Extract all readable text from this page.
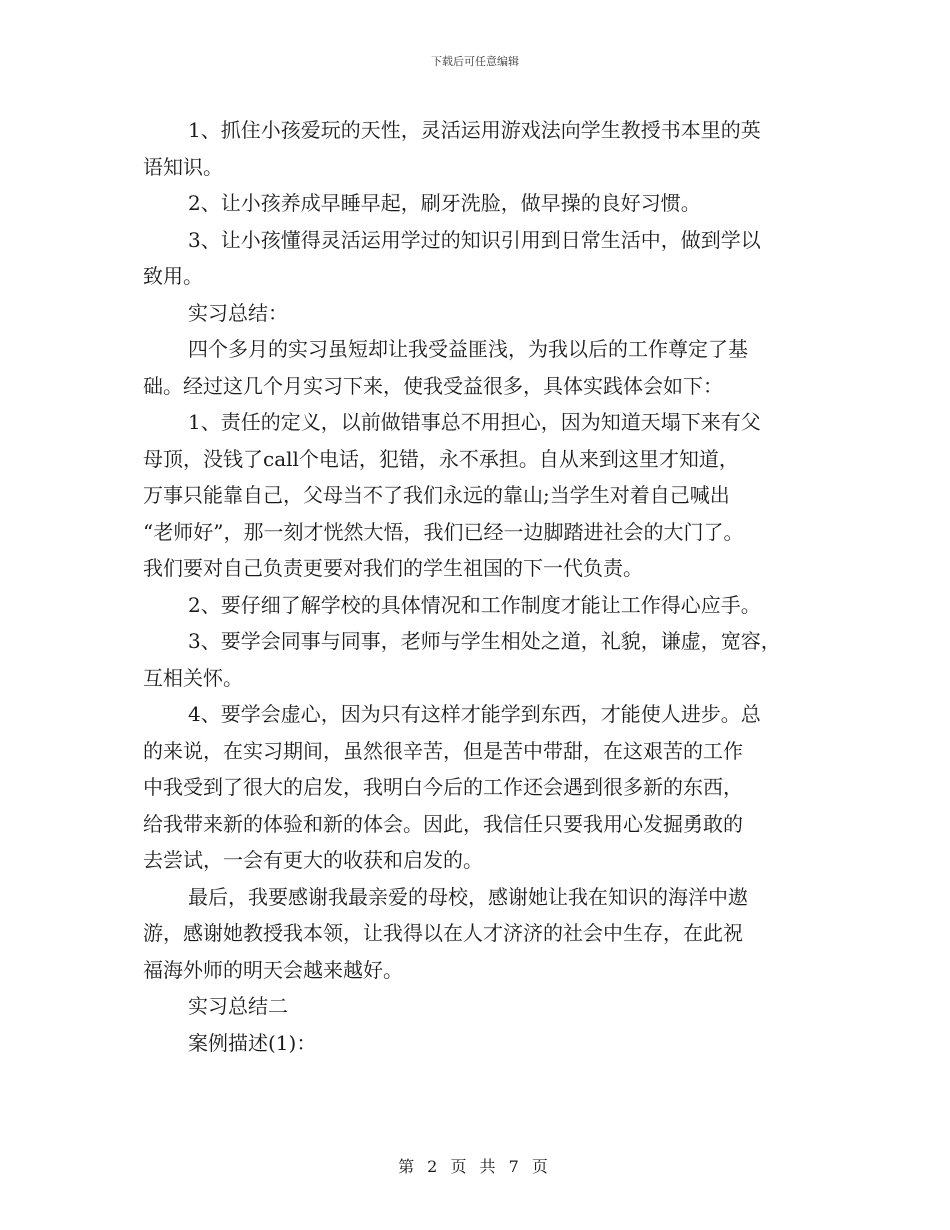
下载后可任意编辑
1、抓住小孩爱玩的天性，灵活运用游戏法向学生教授书本里的英
语知识。
2、让小孩养成早睡早起，刷牙洗脸，做早操的良好习惯。
3、让小孩懂得灵活运用学过的知识引用到日常生活中，做到学以
致用。
实习总结：
四个多月的实习虽短却让我受益匪浅，为我以后的工作尊定了基
础。经过这几个月实习下来，使我受益很多，具体实践体会如下：
1、责任的定义，以前做错事总不用担心，因为知道天塌下来有父
母顶，没钱了call个电话，犯错，永不承担。自从来到这里才知道，
万事只能靠自己，父母当不了我们永远的靠山;当学生对着自己喊出
“老师好”，那一刻才恍然大悟，我们已经一边脚踏进社会的大门了。
我们要对自己负责更要对我们的学生祖国的下一代负责。
2、要仔细了解学校的具体情况和工作制度才能让工作得心应手。
3、要学会同事与同事，老师与学生相处之道，礼貌，谦虚，宽容，
互相关怀。
4、要学会虚心，因为只有这样才能学到东西，才能使人进步。总
的来说，在实习期间，虽然很辛苦，但是苦中带甜，在这艰苦的工作
中我受到了很大的启发，我明白今后的工作还会遇到很多新的东西，
给我带来新的体验和新的体会。因此，我信任只要我用心发掘勇敢的
去尝试，一会有更大的收获和启发的。
最后，我要感谢我最亲爱的母校，感谢她让我在知识的海洋中遨
游，感谢她教授我本领，让我得以在人才济济的社会中生存，在此祝
福海外师的明天会越来越好。
实习总结二
案例描述(1)：
第 2 页 共 7 页
